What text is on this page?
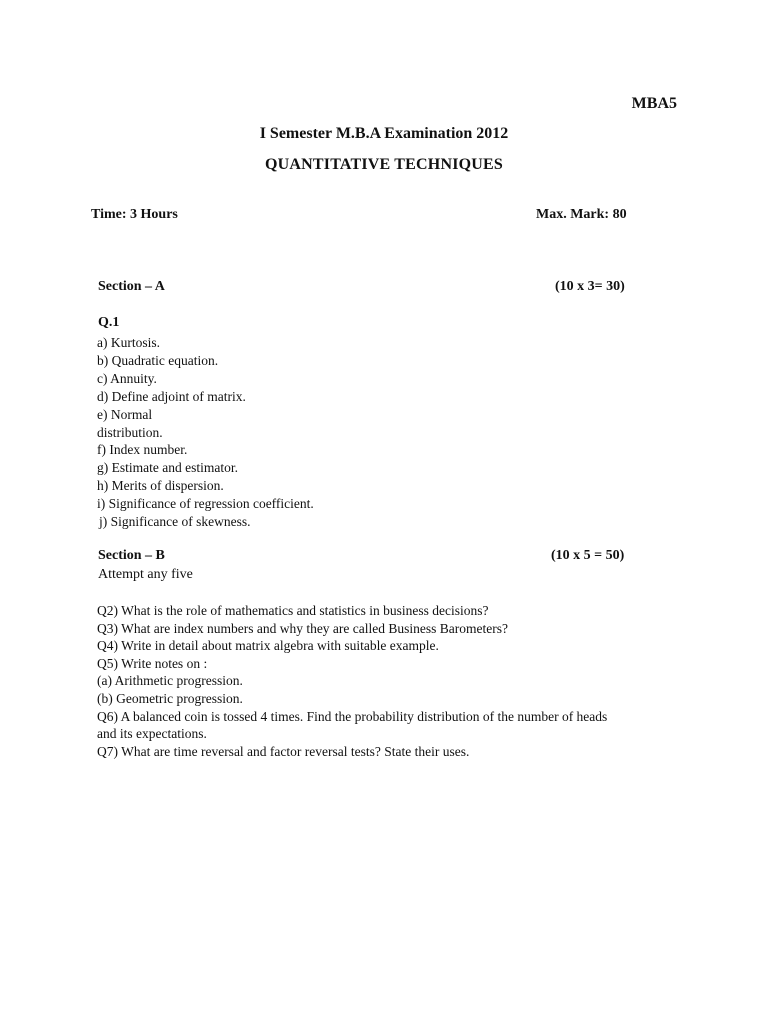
MBA5
I Semester M.B.A Examination 2012
QUANTITATIVE TECHNIQUES
Time: 3 Hours	Max. Mark: 80
Section – A	(10 x 3= 30)
Q.1
a) Kurtosis.
b) Quadratic equation.
c) Annuity.
d) Define adjoint of matrix.
e) Normal
distribution.
f) Index number.
g) Estimate and estimator.
h) Merits of dispersion.
i) Significance of regression coefficient.
j) Significance of skewness.
Section – B	(10 x 5 = 50)
Attempt any five
Q2) What is the role of mathematics and statistics in business decisions?
Q3) What are index numbers and why they are called Business Barometers?
Q4) Write in detail about matrix algebra with suitable example.
Q5) Write notes on :
(a) Arithmetic progression.
(b) Geometric progression.
Q6) A balanced coin is tossed 4 times. Find the probability distribution of the number of heads
and its expectations.
Q7) What are time reversal and factor reversal tests? State their uses.
